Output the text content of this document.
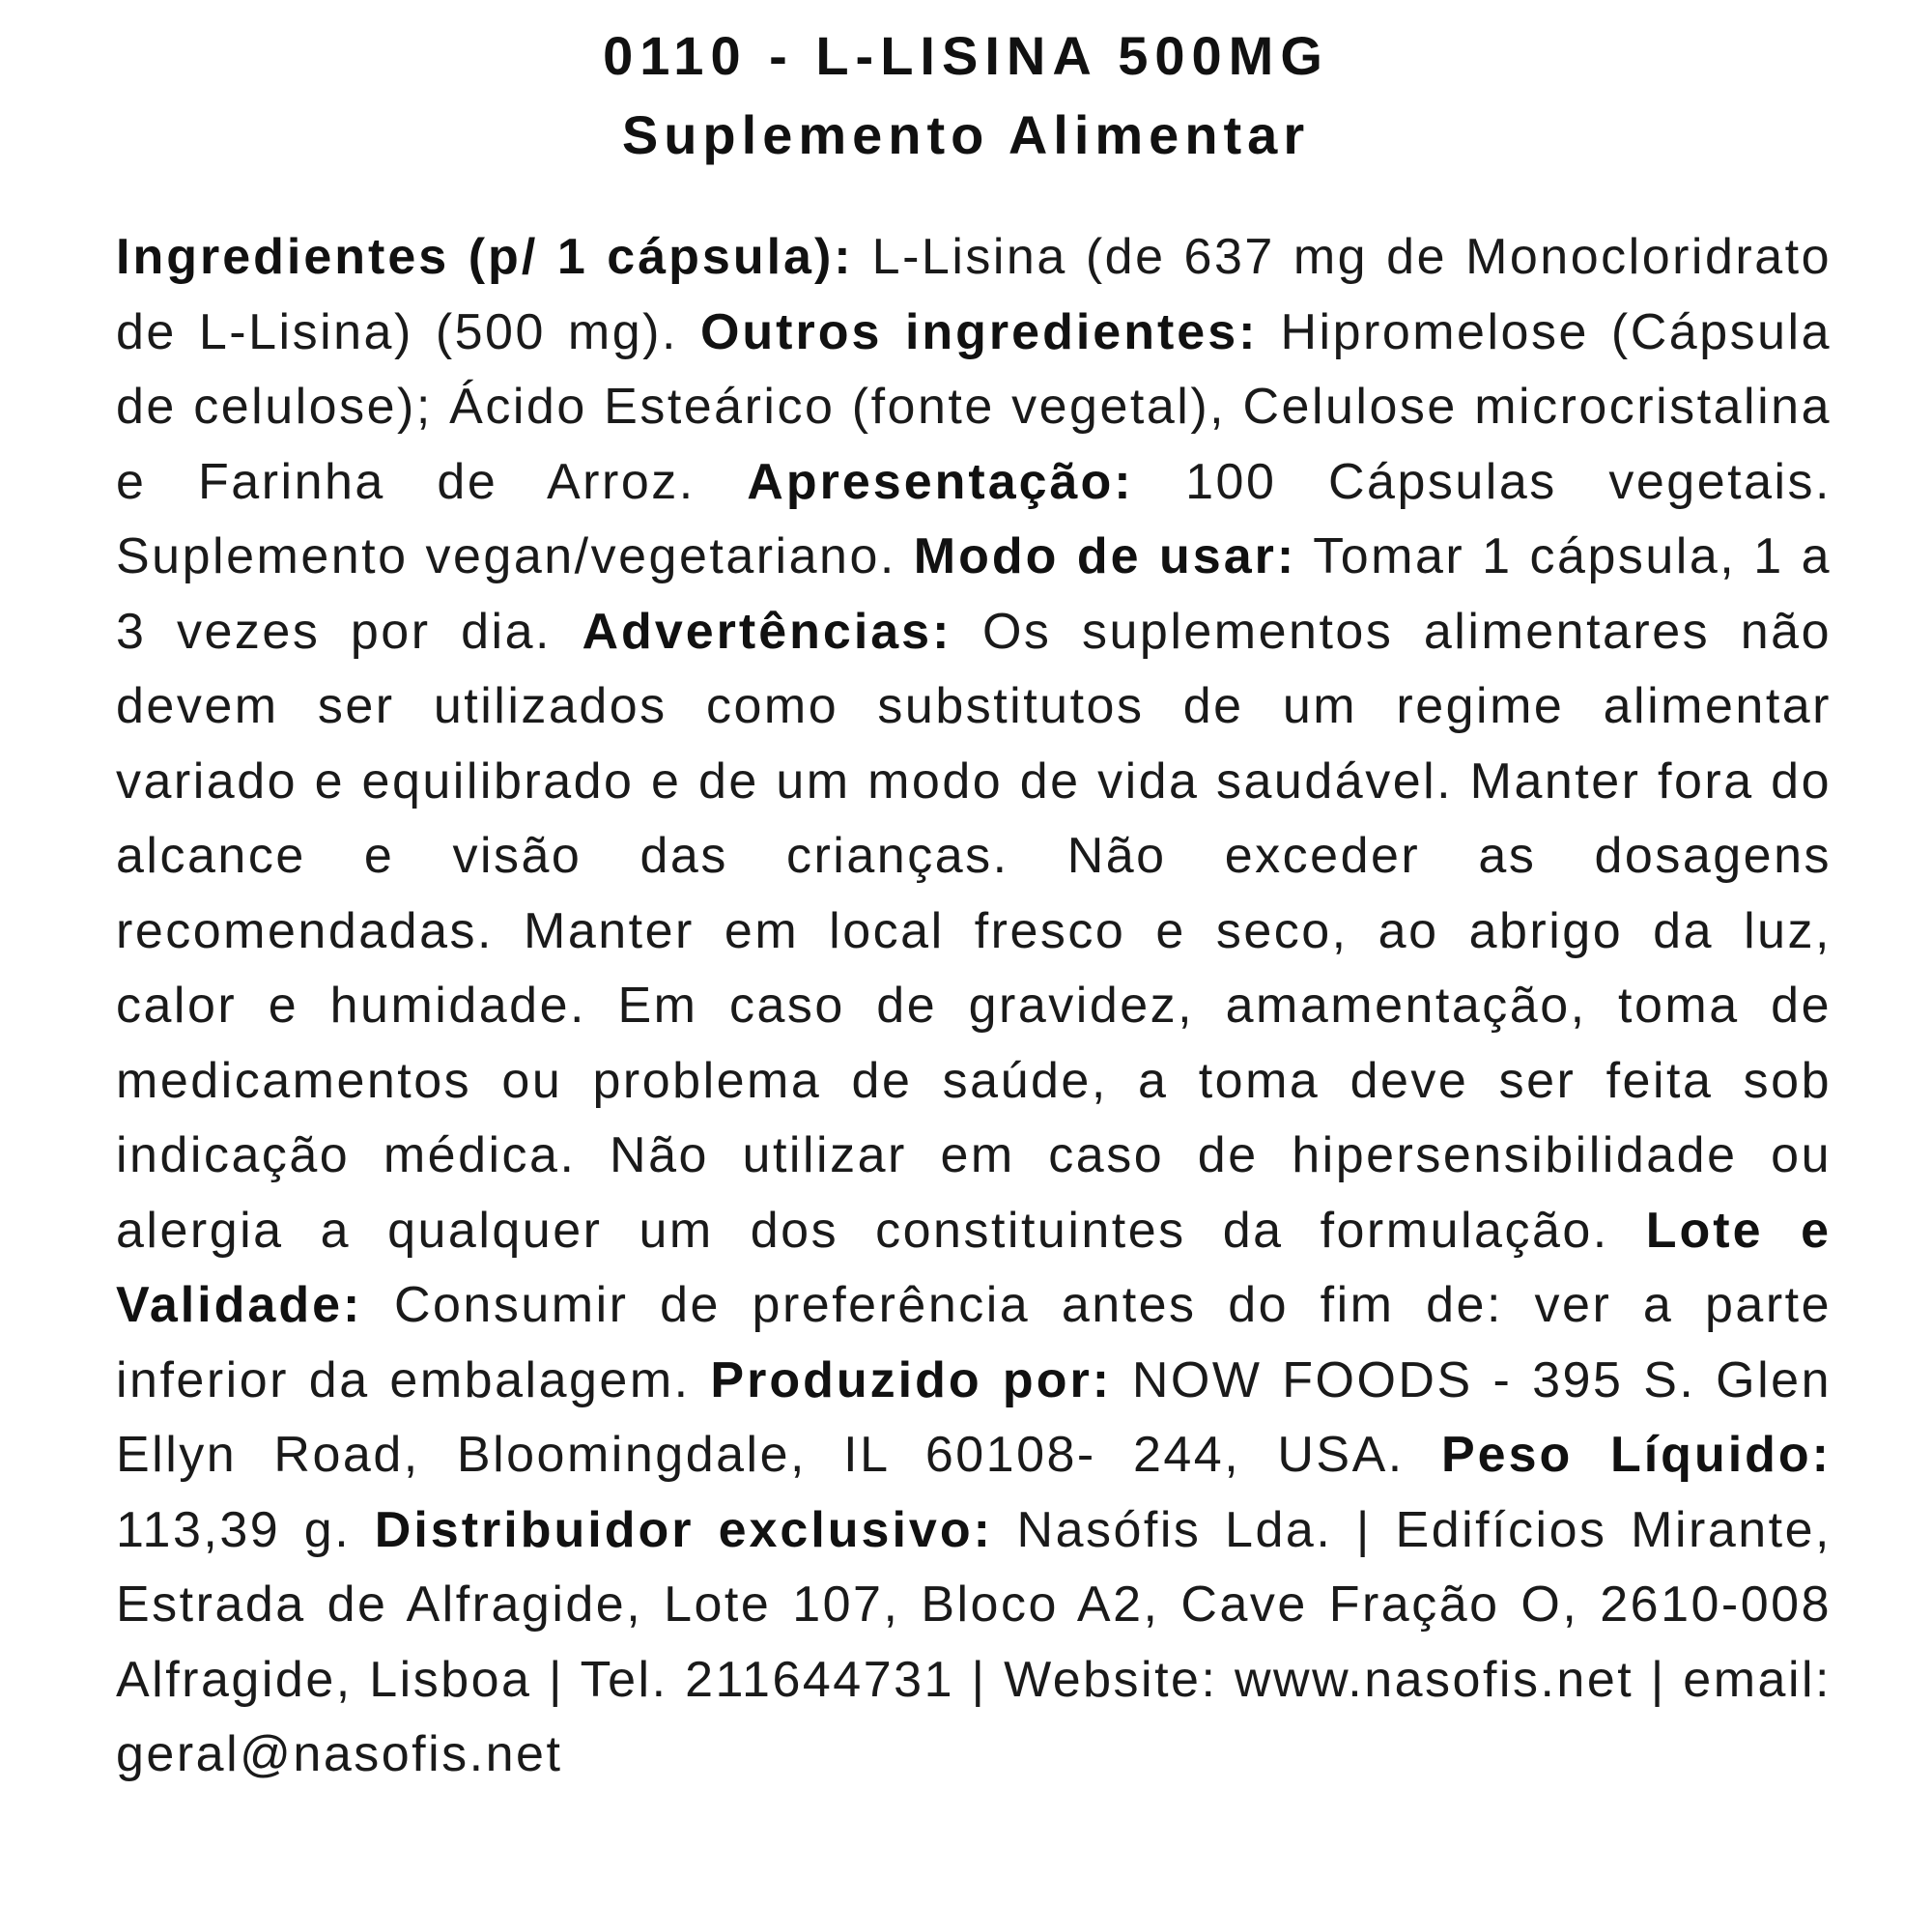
0110 - L-LISINA 500MG
Suplemento Alimentar

Ingredientes (p/ 1 cápsula): L-Lisina (de 637 mg de Monocloridrato de L-Lisina) (500 mg). Outros ingredientes: Hipromelose (Cápsula de celulose); Ácido Esteárico (fonte vegetal), Celulose microcristalina e Farinha de Arroz. Apresentação: 100 Cápsulas vegetais. Suplemento vegan/vegetariano. Modo de usar: Tomar 1 cápsula, 1 a 3 vezes por dia. Advertências: Os suplementos alimentares não devem ser utilizados como substitutos de um regime alimentar variado e equilibrado e de um modo de vida saudável. Manter fora do alcance e visão das crianças. Não exceder as dosagens recomendadas. Manter em local fresco e seco, ao abrigo da luz, calor e humidade. Em caso de gravidez, amamentação, toma de medicamentos ou problema de saúde, a toma deve ser feita sob indicação médica. Não utilizar em caso de hipersensibilidade ou alergia a qualquer um dos constituintes da formulação. Lote e Validade: Consumir de preferência antes do fim de: ver a parte inferior da embalagem. Produzido por: NOW FOODS - 395 S. Glen Ellyn Road, Bloomingdale, IL 60108- 244, USA. Peso Líquido: 113,39 g. Distribuidor exclusivo: Nasófis Lda. | Edifícios Mirante, Estrada de Alfragide, Lote 107, Bloco A2, Cave Fração O, 2610-008 Alfragide, Lisboa | Tel. 211644731 | Website: www.nasofis.net | email: geral@nasofis.net
